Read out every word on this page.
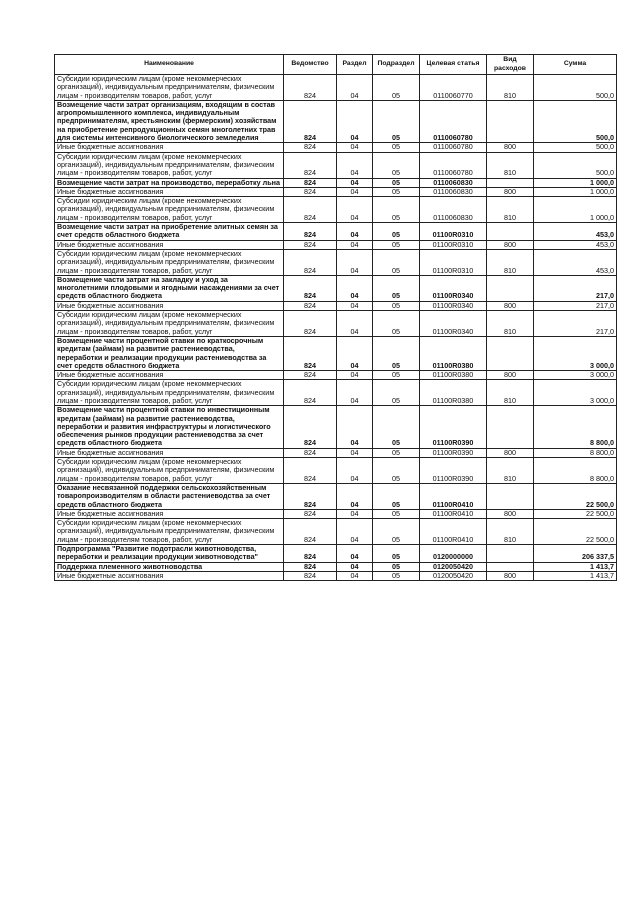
Наименование	Ведомство	Раздел	Подраздел	Целевая статья	Вид расходов	Сумма
Субсидии юридическим лицам (кроме некоммерческих организаций), индивидуальным предпринимателям, физическим лицам - производителям товаров, работ, услуг	824	04	05	0110060770	810	500,0
Возмещение части затрат организациям, входящим в состав агропромышленного комплекса, индивидуальным предпринимателям, крестьянским (фермерским) хозяйствам на приобретение репродукционных семян многолетних трав для системы интенсивного биологического земледелия	824	04	05	0110060780		500,0
Иные бюджетные ассигнования	824	04	05	0110060780	800	500,0
Субсидии юридическим лицам (кроме некоммерческих организаций), индивидуальным предпринимателям, физическим лицам - производителям товаров, работ, услуг	824	04	05	0110060780	810	500,0
Возмещение части затрат на производство, переработку льна	824	04	05	0110060830		1 000,0
Иные бюджетные ассигнования	824	04	05	0110060830	800	1 000,0
Субсидии юридическим лицам (кроме некоммерческих организаций), индивидуальным предпринимателям, физическим лицам - производителям товаров, работ, услуг	824	04	05	0110060830	810	1 000,0
Возмещение части затрат на приобретение элитных семян за счет средств областного бюджета	824	04	05	01100R0310		453,0
Иные бюджетные ассигнования	824	04	05	01100R0310	800	453,0
Субсидии юридическим лицам (кроме некоммерческих организаций), индивидуальным предпринимателям, физическим лицам - производителям товаров, работ, услуг	824	04	05	01100R0310	810	453,0
Возмещение части затрат на закладку и уход за многолетними плодовыми и ягодными насаждениями за счет средств областного бюджета	824	04	05	01100R0340		217,0
Иные бюджетные ассигнования	824	04	05	01100R0340	800	217,0
Субсидии юридическим лицам (кроме некоммерческих организаций), индивидуальным предпринимателям, физическим лицам - производителям товаров, работ, услуг	824	04	05	01100R0340	810	217,0
Возмещение части процентной ставки по краткосрочным кредитам (займам) на развитие растениеводства, переработки и реализации продукции растениеводства за счет средств областного бюджета	824	04	05	01100R0380		3 000,0
Иные бюджетные ассигнования	824	04	05	01100R0380	800	3 000,0
Субсидии юридическим лицам (кроме некоммерческих организаций), индивидуальным предпринимателям, физическим лицам - производителям товаров, работ, услуг	824	04	05	01100R0380	810	3 000,0
Возмещение части процентной ставки по инвестиционным кредитам (займам) на развитие растениеводства, переработки и развития инфраструктуры и логистического обеспечения рынков продукции растениеводства за счет средств областного бюджета	824	04	05	01100R0390		8 800,0
Иные бюджетные ассигнования	824	04	05	01100R0390	800	8 800,0
Субсидии юридическим лицам (кроме некоммерческих организаций), индивидуальным предпринимателям, физическим лицам - производителям товаров, работ, услуг	824	04	05	01100R0390	810	8 800,0
Оказание несвязанной поддержки сельскохозяйственным товаропроизводителям в области растениеводства за счет средств областного бюджета	824	04	05	01100R0410		22 500,0
Иные бюджетные ассигнования	824	04	05	01100R0410	800	22 500,0
Субсидии юридическим лицам (кроме некоммерческих организаций), индивидуальным предпринимателям, физическим лицам - производителям товаров, работ, услуг	824	04	05	01100R0410	810	22 500,0
Подпрограмма "Развитие подотрасли животноводства, переработки и реализации продукции животноводства"	824	04	05	0120000000		206 337,5
Поддержка племенного животноводства	824	04	05	0120050420		1 413,7
Иные бюджетные ассигнования	824	04	05	0120050420	800	1 413,7
